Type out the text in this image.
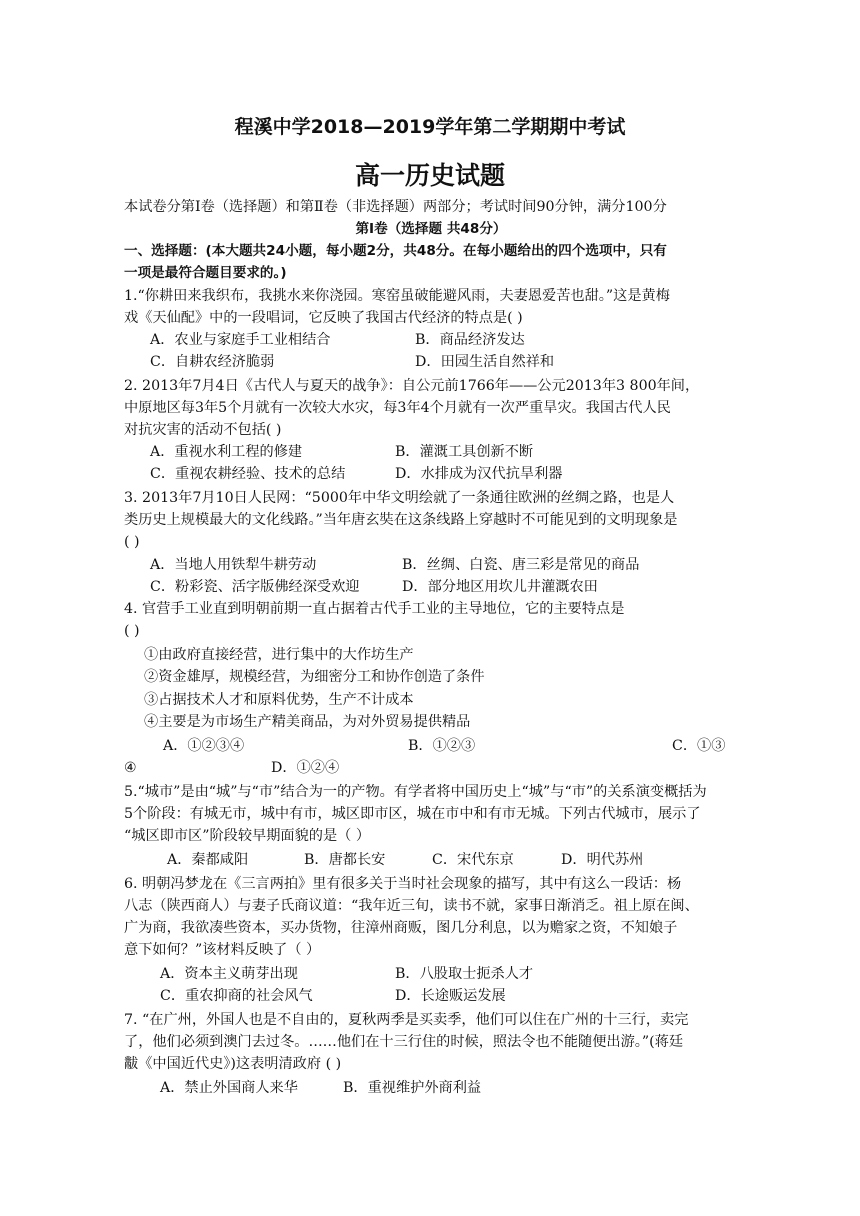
程溪中学2018—2019学年第二学期期中考试
高一历史试题
本试卷分第Ⅰ卷（选择题）和第Ⅱ卷（非选择题）两部分；考试时间90分钟，满分100分
第Ⅰ卷（选择题 共48分）
一、选择题：(本大题共24小题，每小题2分，共48分。在每小题给出的四个选项中，只有
一项是最符合题目要求的。)
1.“你耕田来我织布，我挑水来你浇园。寒窑虽破能避风雨，夫妻恩爱苦也甜。”这是黄梅
戏《天仙配》中的一段唱词，它反映了我国古代经济的特点是( )
A．农业与家庭手工业相结合	B．商品经济发达
C．自耕农经济脆弱	D．田园生活自然祥和
2. 2013年7月4日《古代人与夏天的战争》：自公元前1766年——公元2013年3 800年间，
中原地区每3年5个月就有一次较大水灾，每3年4个月就有一次严重旱灾。我国古代人民
对抗灾害的活动不包括( )
A．重视水利工程的修建	B．灌溉工具创新不断
C．重视农耕经验、技术的总结	D．水排成为汉代抗旱利器
3. 2013年7月10日人民网：“5000年中华文明绘就了一条通往欧洲的丝绸之路，也是人
类历史上规模最大的文化线路。”当年唐玄奘在这条线路上穿越时不可能见到的文明现象是
( )
A．当地人用铁犁牛耕劳动	B．丝绸、白瓷、唐三彩是常见的商品
C．粉彩瓷、活字版佛经深受欢迎	D．部分地区用坎儿井灌溉农田
4. 官营手工业直到明朝前期一直占据着古代手工业的主导地位，它的主要特点是
( )
①由政府直接经营，进行集中的大作坊生产
②资金雄厚，规模经营，为细密分工和协作创造了条件
③占据技术人才和原料优势，生产不计成本
④主要是为市场生产精美商品，为对外贸易提供精品
A．①②③④	B．①②③	C．①③
④	D．①②④
5.“城市”是由“城”与“市”结合为一的产物。有学者将中国历史上“城”与“市”的关系演变概括为
5个阶段：有城无市，城中有市，城区即市区，城在市中和有市无城。下列古代城市，展示了
“城区即市区”阶段较早期面貌的是（ ）
A．秦都咸阳	B．唐都长安	C．宋代东京	D．明代苏州
6. 明朝冯梦龙在《三言两拍》里有很多关于当时社会现象的描写，其中有这么一段话：杨
八志（陕西商人）与妻子氏商议道：“我年近三旬，读书不就，家事日渐消乏。祖上原在闽、
广为商，我欲凑些资本，买办货物，往漳州商贩，图几分利息，以为赡家之资，不知娘子
意下如何？”该材料反映了（ ）
A．资本主义萌芽出现	B．八股取士扼杀人才
C．重农抑商的社会风气	D．长途贩运发展
7. “在广州，外国人也是不自由的，夏秋两季是买卖季，他们可以住在广州的十三行，卖完
了，他们必须到澳门去过冬。……他们在十三行住的时候，照法令也不能随便出游。”(蒋廷
黻《中国近代史》)这表明清政府 ( )
A．禁止外国商人来华	B．重视维护外商利益
